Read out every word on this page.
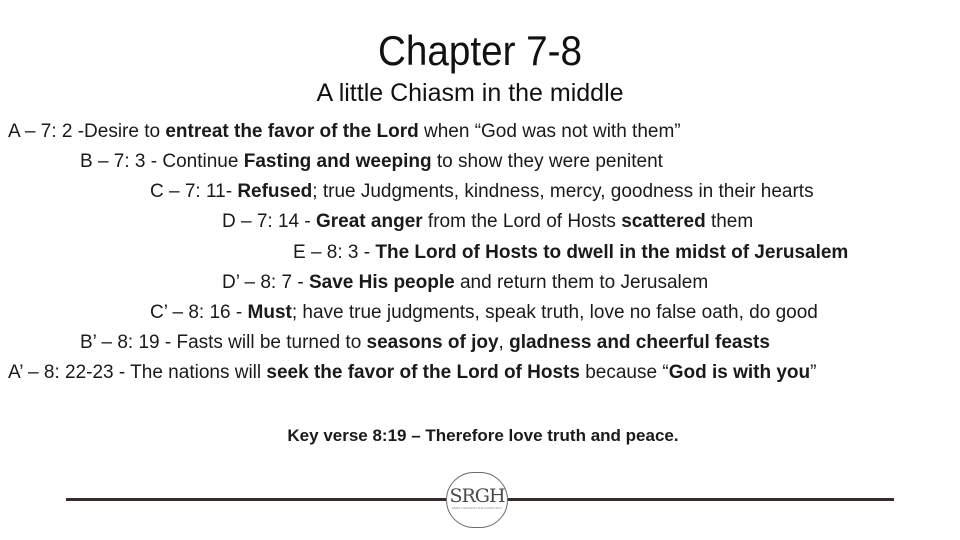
Chapter 7-8
A little Chiasm in the middle
A – 7: 2 -Desire to entreat the favor of the Lord when “God was not with them”
B – 7: 3 - Continue Fasting and weeping to show they were penitent
C – 7: 11- Refused; true Judgments, kindness, mercy, goodness in their hearts
D – 7: 14 - Great anger from the Lord of Hosts scattered them
E – 8: 3 - The Lord of Hosts to dwell in the midst of Jerusalem
D’ – 8: 7 - Save His people and return them to Jerusalem
C’ – 8: 16 - Must; have true judgments, speak truth, love no false oath, do good
B’ – 8: 19 - Fasts will be turned to seasons of joy, gladness and cheerful feasts
A’ – 8: 22-23 - The nations will seek the favor of the Lord of Hosts because “God is with you”
Key verse 8:19 – Therefore love truth and peace.
SRGH
SIMPLY READING THE GOOD HOLY
